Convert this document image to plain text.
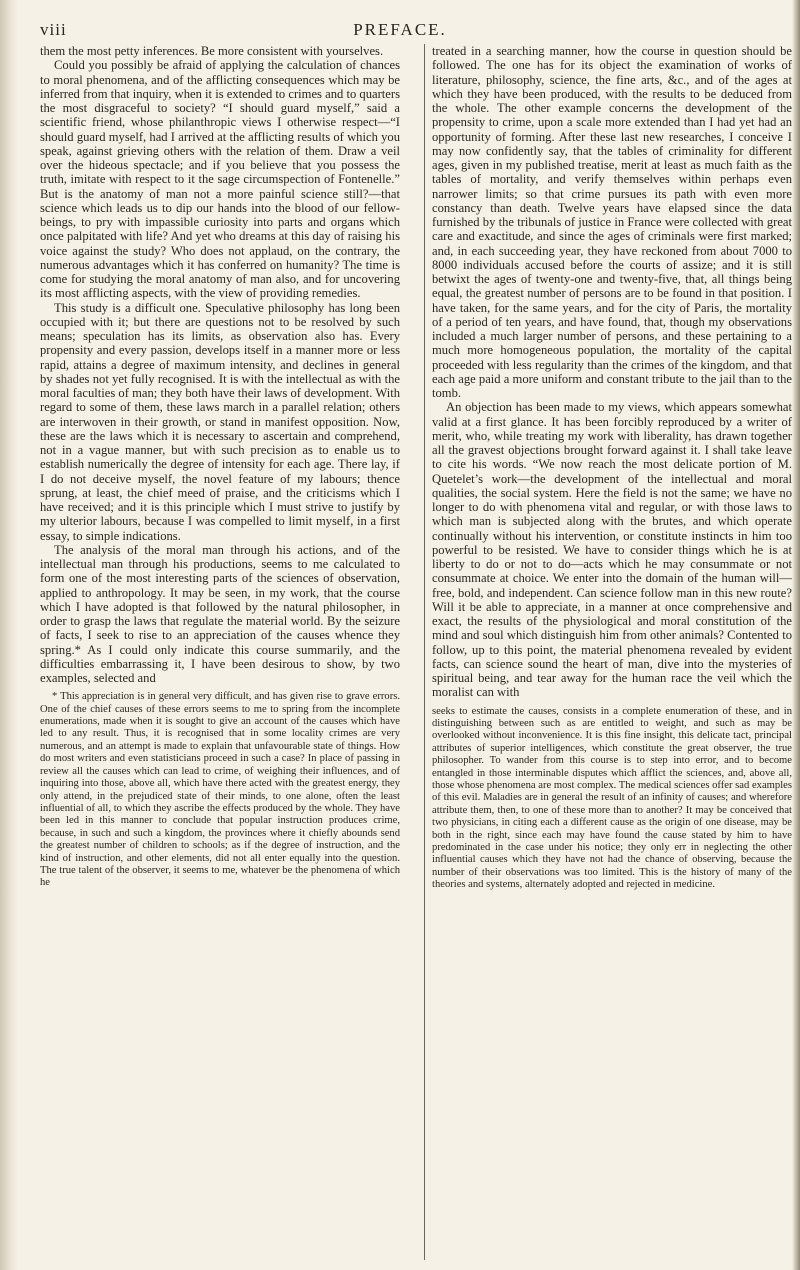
viii	PREFACE.

them the most petty inferences. Be more consistent with yourselves.

Could you possibly be afraid of applying the calculation of chances to moral phenomena, and of the afflicting consequences which may be inferred from that inquiry, when it is extended to crimes and to quarters the most disgraceful to society? “I should guard myself,” said a scientific friend, whose philanthropic views I otherwise respect—“I should guard myself, had I arrived at the afflicting results of which you speak, against grieving others with the relation of them. Draw a veil over the hideous spectacle; and if you believe that you possess the truth, imitate with respect to it the sage circumspection of Fontenelle.” But is the anatomy of man not a more painful science still?—that science which leads us to dip our hands into the blood of our fellow-beings, to pry with impassible curiosity into parts and organs which once palpitated with life? And yet who dreams at this day of raising his voice against the study? Who does not applaud, on the contrary, the numerous advantages which it has conferred on humanity? The time is come for studying the moral anatomy of man also, and for uncovering its most afflicting aspects, with the view of providing remedies.

This study is a difficult one. Speculative philosophy has long been occupied with it; but there are questions not to be resolved by such means; speculation has its limits, as observation also has. Every propensity and every passion, develops itself in a manner more or less rapid, attains a degree of maximum intensity, and declines in general by shades not yet fully recognised. It is with the intellectual as with the moral faculties of man; they both have their laws of development. With regard to some of them, these laws march in a parallel relation; others are interwoven in their growth, or stand in manifest opposition. Now, these are the laws which it is necessary to ascertain and comprehend, not in a vague manner, but with such precision as to enable us to establish numerically the degree of intensity for each age. There lay, if I do not deceive myself, the novel feature of my labours; thence sprung, at least, the chief meed of praise, and the criticisms which I have received; and it is this principle which I must strive to justify by my ulterior labours, because I was compelled to limit myself, in a first essay, to simple indications.

The analysis of the moral man through his actions, and of the intellectual man through his productions, seems to me calculated to form one of the most interesting parts of the sciences of observation, applied to anthropology. It may be seen, in my work, that the course which I have adopted is that followed by the natural philosopher, in order to grasp the laws that regulate the material world. By the seizure of facts, I seek to rise to an appreciation of the causes whence they spring.* As I could only indicate this course summarily, and the difficulties embarrassing it, I have been desirous to show, by two examples, selected and

* This appreciation is in general very difficult, and has given rise to grave errors. One of the chief causes of these errors seems to me to spring from the incomplete enumerations, made when it is sought to give an account of the causes which have led to any result. Thus, it is recognised that in some locality crimes are very numerous, and an attempt is made to explain that unfavourable state of things. How do most writers and even statisticians proceed in such a case? In place of passing in review all the causes which can lead to crime, of weighing their influences, and of inquiring into those, above all, which have there acted with the greatest energy, they only attend, in the prejudiced state of their minds, to one alone, often the least influential of all, to which they ascribe the effects produced by the whole. They have been led in this manner to conclude that popular instruction produces crime, because, in such and such a kingdom, the provinces where it chiefly abounds send the greatest number of children to schools; as if the degree of instruction, and the kind of instruction, and other elements, did not all enter equally into the question. The true talent of the observer, it seems to me, whatever be the phenomena of which he

treated in a searching manner, how the course in question should be followed. The one has for its object the examination of works of literature, philosophy, science, the fine arts, &c., and of the ages at which they have been produced, with the results to be deduced from the whole. The other example concerns the development of the propensity to crime, upon a scale more extended than I had yet had an opportunity of forming. After these last new researches, I conceive I may now confidently say, that the tables of criminality for different ages, given in my published treatise, merit at least as much faith as the tables of mortality, and verify themselves within perhaps even narrower limits; so that crime pursues its path with even more constancy than death. Twelve years have elapsed since the data furnished by the tribunals of justice in France were collected with great care and exactitude, and since the ages of criminals were first marked; and, in each succeeding year, they have reckoned from about 7000 to 8000 individuals accused before the courts of assize; and it is still betwixt the ages of twenty-one and twenty-five, that, all things being equal, the greatest number of persons are to be found in that position. I have taken, for the same years, and for the city of Paris, the mortality of a period of ten years, and have found, that, though my observations included a much larger number of persons, and these pertaining to a much more homogeneous population, the mortality of the capital proceeded with less regularity than the crimes of the kingdom, and that each age paid a more uniform and constant tribute to the jail than to the tomb.

An objection has been made to my views, which appears somewhat valid at a first glance. It has been forcibly reproduced by a writer of merit, who, while treating my work with liberality, has drawn together all the gravest objections brought forward against it. I shall take leave to cite his words. “We now reach the most delicate portion of M. Quetelet’s work—the development of the intellectual and moral qualities, the social system. Here the field is not the same; we have no longer to do with phenomena vital and regular, or with those laws to which man is subjected along with the brutes, and which operate continually without his intervention, or constitute instincts in him too powerful to be resisted. We have to consider things which he is at liberty to do or not to do—acts which he may consummate or not consummate at choice. We enter into the domain of the human will—free, bold, and independent. Can science follow man in this new route? Will it be able to appreciate, in a manner at once comprehensive and exact, the results of the physiological and moral constitution of the mind and soul which distinguish him from other animals? Contented to follow, up to this point, the material phenomena revealed by evident facts, can science sound the heart of man, dive into the mysteries of spiritual being, and tear away for the human race the veil which the moralist can with

seeks to estimate the causes, consists in a complete enumeration of these, and in distinguishing between such as are entitled to weight, and such as may be overlooked without inconvenience. It is this fine insight, this delicate tact, principal attributes of superior intelligences, which constitute the great observer, the true philosopher. To wander from this course is to step into error, and to become entangled in those interminable disputes which afflict the sciences, and, above all, those whose phenomena are most complex. The medical sciences offer sad examples of this evil. Maladies are in general the result of an infinity of causes; and wherefore attribute them, then, to one of these more than to another? It may be conceived that two physicians, in citing each a different cause as the origin of one disease, may be both in the right, since each may have found the cause stated by him to have predominated in the case under his notice; they only err in neglecting the other influential causes which they have not had the chance of observing, because the number of their observations was too limited. This is the history of many of the theories and systems, alternately adopted and rejected in medicine.
